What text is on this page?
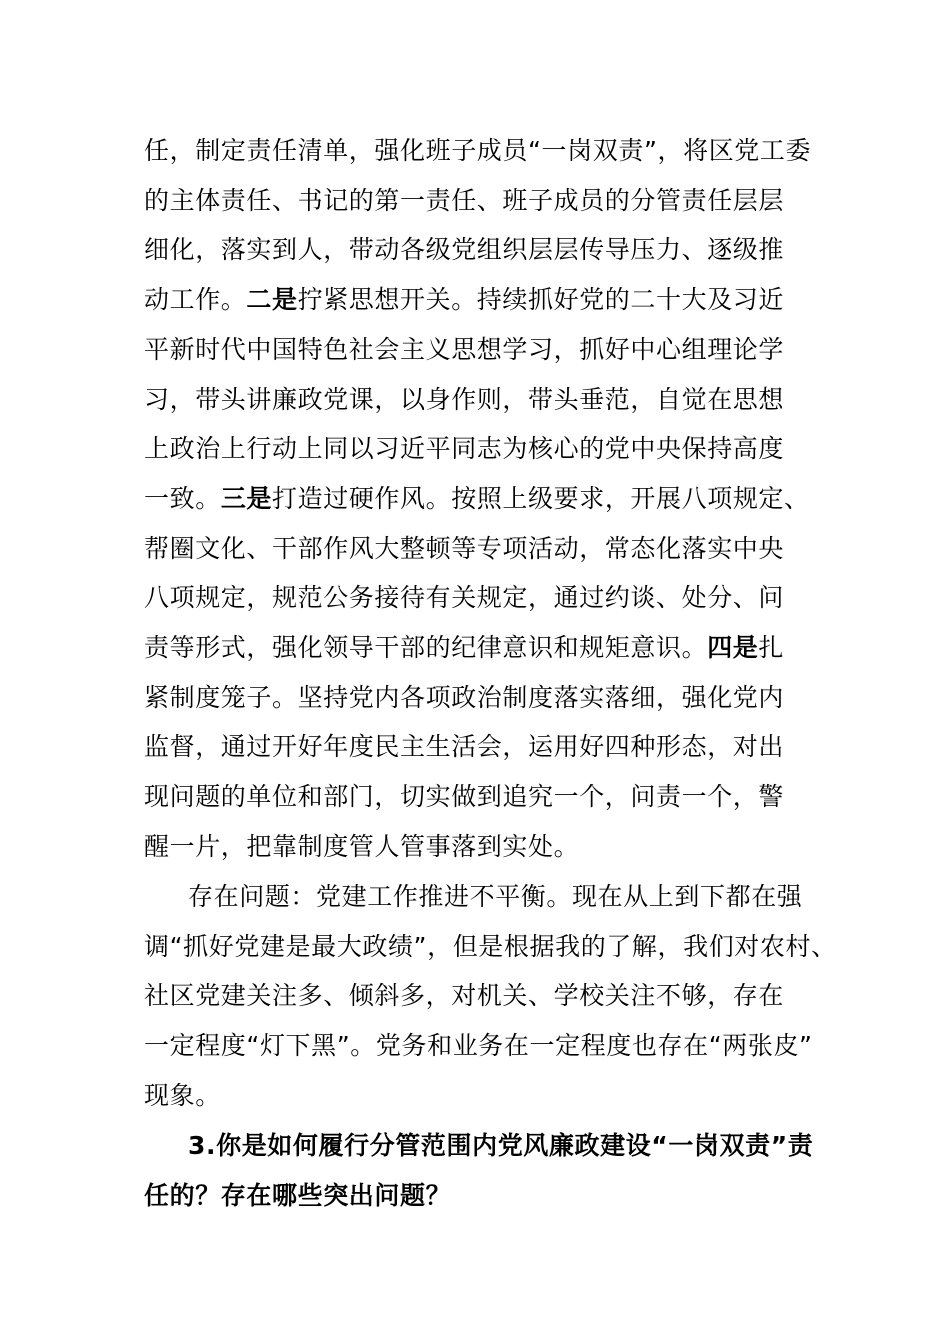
任，制定责任清单，强化班子成员“一岗双责”，将区党工委
的主体责任、书记的第一责任、班子成员的分管责任层层
细化，落实到人，带动各级党组织层层传导压力、逐级推
动工作。二是拧紧思想开关。持续抓好党的二十大及习近
平新时代中国特色社会主义思想学习，抓好中心组理论学
习，带头讲廉政党课，以身作则，带头垂范，自觉在思想
上政治上行动上同以习近平同志为核心的党中央保持高度
一致。三是打造过硬作风。按照上级要求，开展八项规定、
帮圈文化、干部作风大整顿等专项活动，常态化落实中央
八项规定，规范公务接待有关规定，通过约谈、处分、问
责等形式，强化领导干部的纪律意识和规矩意识。四是扎
紧制度笼子。坚持党内各项政治制度落实落细，强化党内
监督，通过开好年度民主生活会，运用好四种形态，对出
现问题的单位和部门，切实做到追究一个，问责一个，警
醒一片，把靠制度管人管事落到实处。
存在问题：党建工作推进不平衡。现在从上到下都在强
调“抓好党建是最大政绩”，但是根据我的了解，我们对农村、
社区党建关注多、倾斜多，对机关、学校关注不够，存在
一定程度“灯下黑”。党务和业务在一定程度也存在“两张皮”
现象。
3.你是如何履行分管范围内党风廉政建设“一岗双责”责
任的？存在哪些突出问题？
